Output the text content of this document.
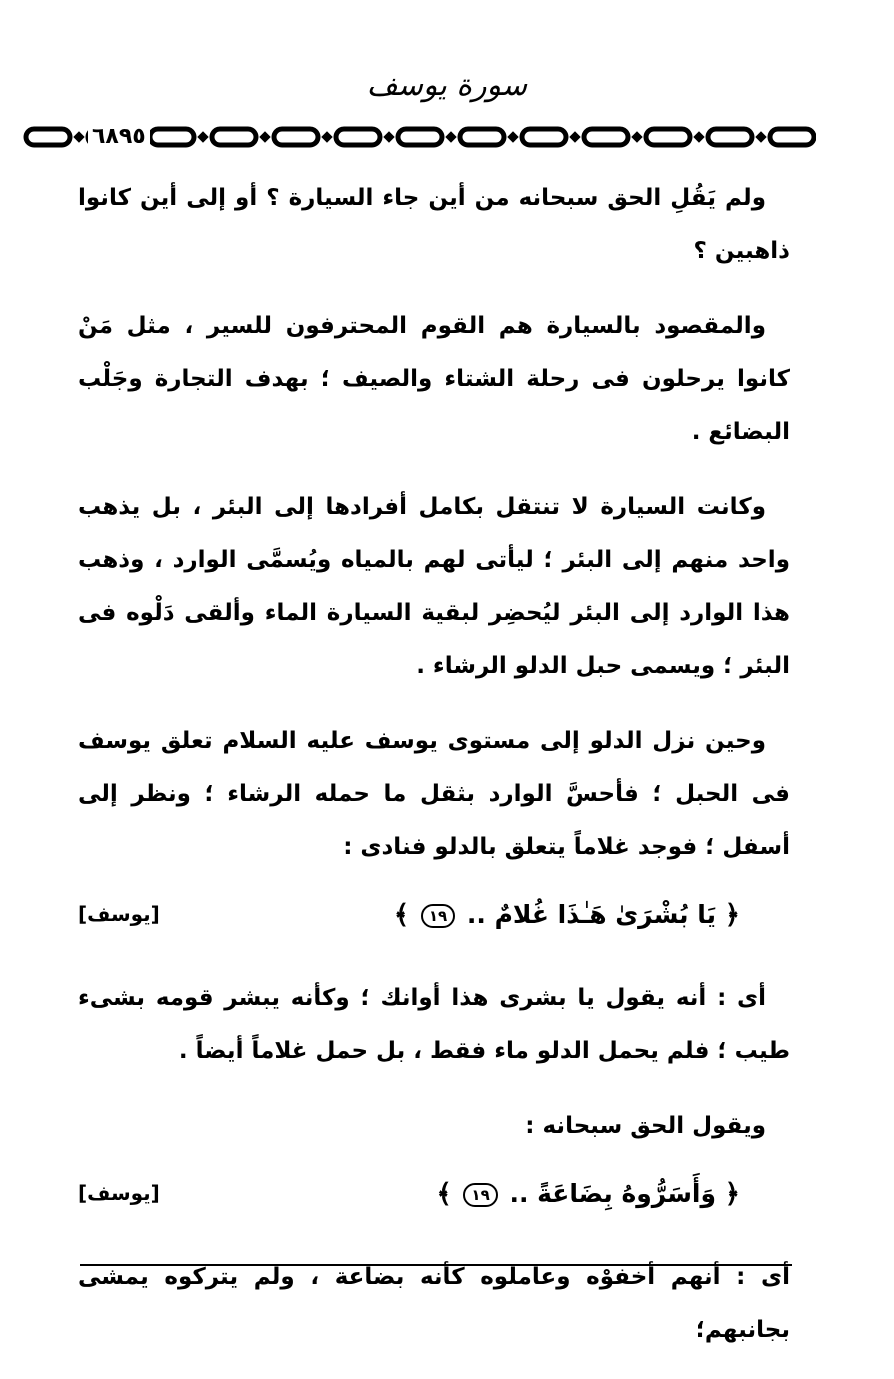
سورة يوسف
٦٨٩٥

ولم يَقُلِ الحق سبحانه من أين جاء السيارة ؟ أو إلى أين كانوا ذاهبين ؟

والمقصود بالسيارة هم القوم المحترفون للسير ، مثل مَنْ كانوا يرحلون فى رحلة الشتاء والصيف ؛ بهدف التجارة وجَلْب البضائع .

وكانت السيارة لا تنتقل بكامل أفرادها إلى البئر ، بل يذهب واحد منهم إلى البئر ؛ ليأتى لهم بالمياه ويُسمَّى الوارد ، وذهب هذا الوارد إلى البئر ليُحضِر لبقية السيارة الماء وألقى دَلْوه فى البئر ؛ ويسمى حبل الدلو الرشاء .

وحين نزل الدلو إلى مستوى يوسف عليه السلام تعلق يوسف فى الحبل ؛ فأحسَّ الوارد بثقل ما حمله الرشاء ؛ ونظر إلى أسفل ؛ فوجد غلاماً يتعلق بالدلو فنادى :

﴿ يَا بُشْرَىٰ هَـٰذَا غُلامٌ .. ١٩ ﴾
[يوسف]

أى : أنه يقول يا بشرى هذا أوانك ؛ وكأنه يبشر قومه بشىء طيب ؛ فلم يحمل الدلو ماء فقط ، بل حمل غلاماً أيضاً .

ويقول الحق سبحانه :

﴿ وَأَسَرُّوهُ بِضَاعَةً .. ١٩ ﴾
[يوسف]

أى : أنهم أخفوْه وعاملوه كأنه بضاعة ، ولم يتركوه يمشى بجانبهم؛
